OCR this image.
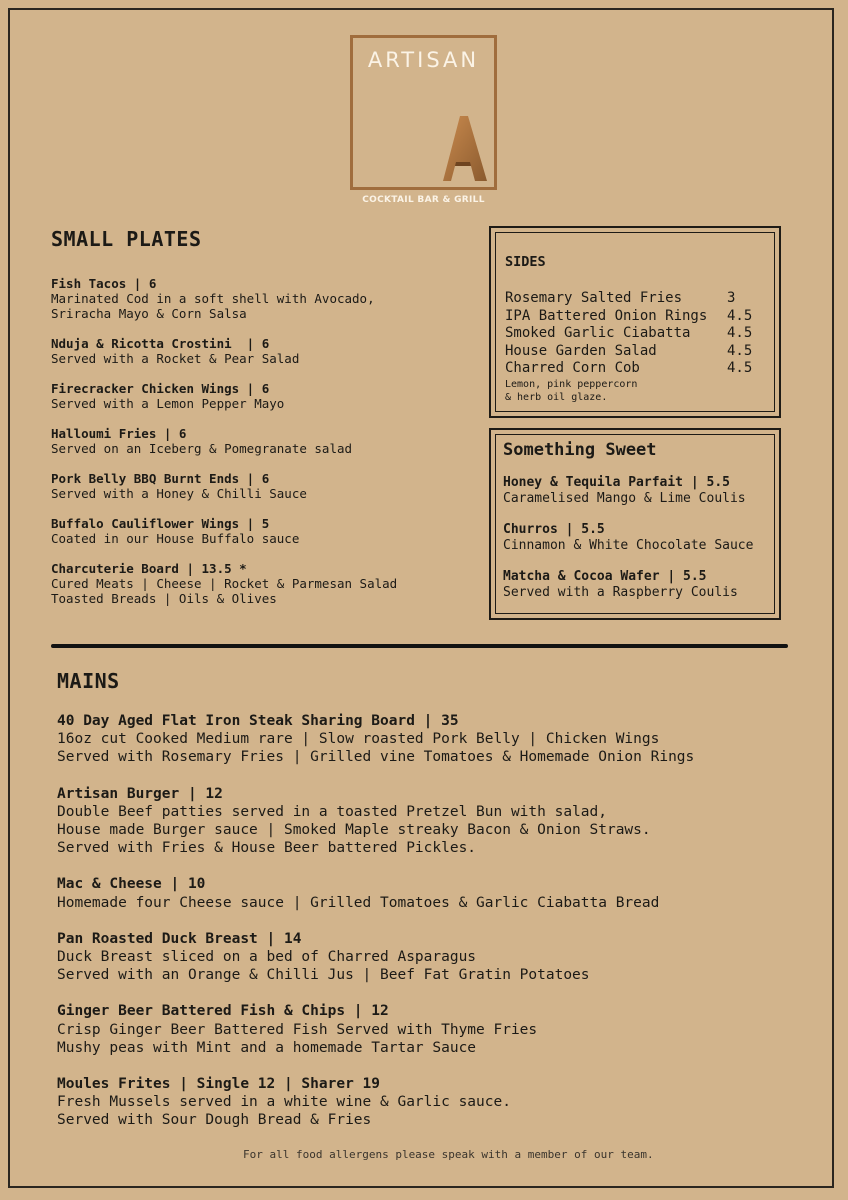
ARTISAN
COCKTAIL BAR & GRILL
SMALL PLATES
Fish Tacos | 6
Marinated Cod in a soft shell with Avocado,
Sriracha Mayo & Corn Salsa
Nduja & Ricotta Crostini  | 6
Served with a Rocket & Pear Salad
Firecracker Chicken Wings | 6
Served with a Lemon Pepper Mayo
Halloumi Fries | 6
Served on an Iceberg & Pomegranate salad
Pork Belly BBQ Burnt Ends | 6
Served with a Honey & Chilli Sauce
Buffalo Cauliflower Wings | 5
Coated in our House Buffalo sauce
Charcuterie Board | 13.5 *
Cured Meats | Cheese | Rocket & Parmesan Salad
Toasted Breads | Oils & Olives
SIDES
Rosemary Salted Fries	3
IPA Battered Onion Rings 4.5
Smoked Garlic Ciabatta	4.5
House Garden Salad	4.5
Charred Corn Cob	4.5
Lemon, pink peppercorn
& herb oil glaze.
Something Sweet
Honey & Tequila Parfait | 5.5
Caramelised Mango & Lime Coulis
Churros | 5.5
Cinnamon & White Chocolate Sauce
Matcha & Cocoa Wafer | 5.5
Served with a Raspberry Coulis
MAINS
40 Day Aged Flat Iron Steak Sharing Board | 35
16oz cut Cooked Medium rare | Slow roasted Pork Belly | Chicken Wings
Served with Rosemary Fries | Grilled vine Tomatoes & Homemade Onion Rings
Artisan Burger | 12
Double Beef patties served in a toasted Pretzel Bun with salad,
House made Burger sauce | Smoked Maple streaky Bacon & Onion Straws.
Served with Fries & House Beer battered Pickles.
Mac & Cheese | 10
Homemade four Cheese sauce | Grilled Tomatoes & Garlic Ciabatta Bread
Pan Roasted Duck Breast | 14
Duck Breast sliced on a bed of Charred Asparagus
Served with an Orange & Chilli Jus | Beef Fat Gratin Potatoes
Ginger Beer Battered Fish & Chips | 12
Crisp Ginger Beer Battered Fish Served with Thyme Fries
Mushy peas with Mint and a homemade Tartar Sauce
Moules Frites | Single 12 | Sharer 19
Fresh Mussels served in a white wine & Garlic sauce.
Served with Sour Dough Bread & Fries
For all food allergens please speak with a member of our team.
